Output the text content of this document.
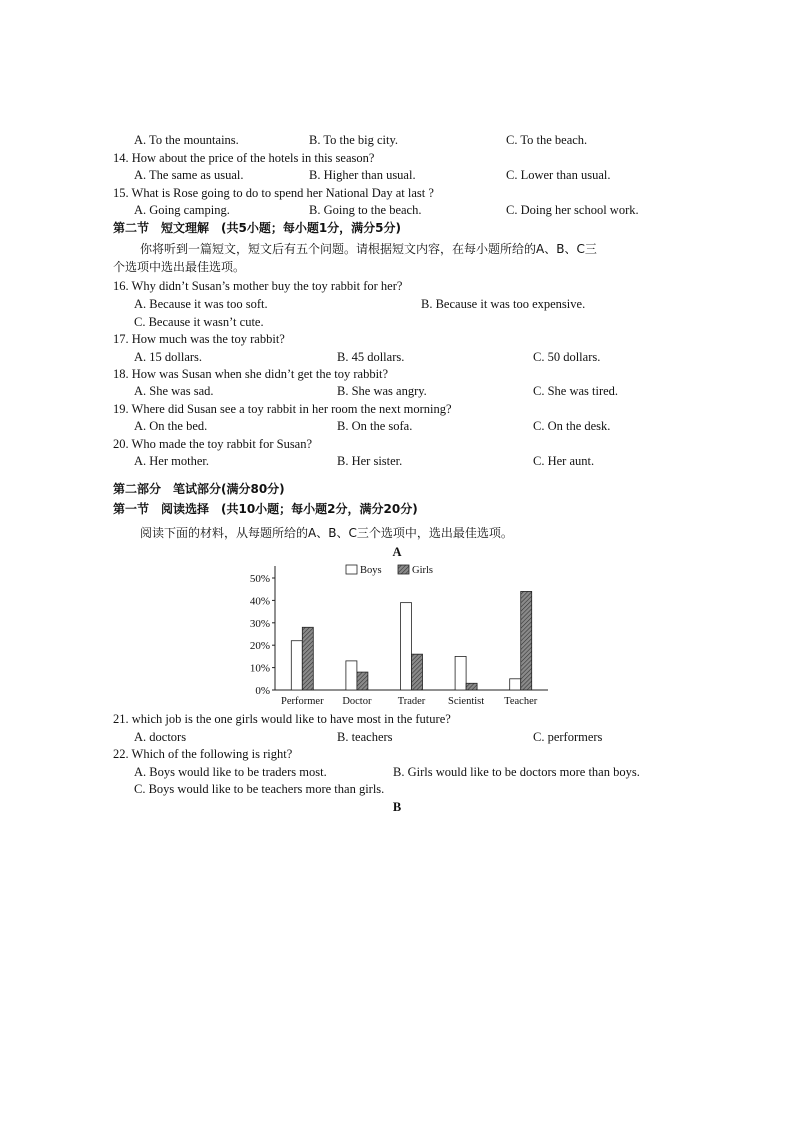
A. To the mountains.	B. To the big city.	C. To the beach.
14. How about the price of the hotels in this season?
A. The same as usual.	B. Higher than usual.	C. Lower than usual.
15. What is Rose going to do to spend her National Day at last ?
A. Going camping.	B. Going to the beach.	C. Doing her school work.
第二节　短文理解　(共5小题；每小题1分，满分5分)
你将听到一篇短文，短文后有五个问题。请根据短文内容，在每小题所给的A、B、C三
个选项中选出最佳选项。
16. Why didn’t Susan’s mother buy the toy rabbit for her?
A. Because it was too soft.	B. Because it was too expensive.
C. Because it wasn’t cute.
17. How much was the toy rabbit?
A. 15 dollars.	B. 45 dollars.	C. 50 dollars.
18. How was Susan when she didn’t get the toy rabbit?
A. She was sad.	B. She was angry.	C. She was tired.
19. Where did Susan see a toy rabbit in her room the next morning?
A. On the bed.	B. On the sofa.	C. On the desk.
20. Who made the toy rabbit for Susan?
A. Her mother.	B. Her sister.	C. Her aunt.
第二部分　笔试部分(满分80分)
第一节　阅读选择　(共10小题；每小题2分，满分20分)
阅读下面的材料，从每题所给的A、B、C三个选项中，选出最佳选项。
A
0%
10%
20%
30%
40%
50%
Performer Doctor Trader Scientist Teacher
Boys	Girls
21. which job is the one girls would like to have most in the future?
A. doctors	B. teachers	C. performers
22. Which of the following is right?
A. Boys would like to be traders most.	B. Girls would like to be doctors more than boys.
C. Boys would like to be teachers more than girls.
B
